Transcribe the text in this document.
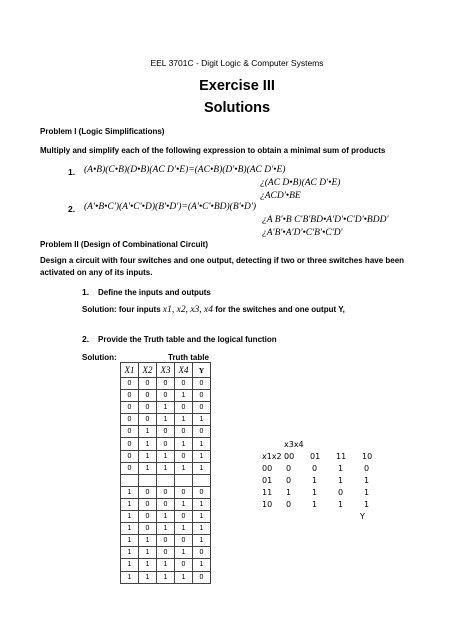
EEL 3701C - Digit Logic & Computer Systems
Exercise III
Solutions
Problem I (Logic Simplifications)
Multiply and simplify each of the following expression to obtain a minimal sum of products
1. (A•B)(C•B)(D•B)(AC D'•E)=(AC•B)(D'•B)(AC D'•E)
¿(AC D•B)(AC D'•E)
¿ACD'•BE
2. (A'•B•C')(A'•C'•D)(B'•D')=(A'•C'•BD)(B'•D')
¿A B'•B C'B'BD•A'D'•C'D'•BDD'
¿A'B'•A'D'•C'B'•C'D'
Problem II (Design of Combinational Circuit)
Design a circuit with four switches and one output, detecting if two or three switches have been
activated on any of its inputs.
1. Define the inputs and outputs
Solution: four inputs x1, x2, x3, x4 for the switches and one output Y,
2. Provide the Truth table and the logical function
Solution:	Truth table
X1	X2	X3	X4	Y
0	0	0	0	0
0	0	0	1	0
0	0	1	0	0
0	0	1	1	1
0	1	0	0	0
0	1	0	1	1
0	1	1	0	1
0	1	1	1	1

1	0	0	0	0
1	0	0	1	1
1	0	1	0	1
1	0	1	1	1
1	1	0	0	1
1	1	0	1	0
1	1	1	0	1
1	1	1	1	0
x3x4
x1x2 00 01 11 10
00 0	0	1	0
01 0	1	1	1
11 1	1	0	1
10 0	1	1	1
Y
